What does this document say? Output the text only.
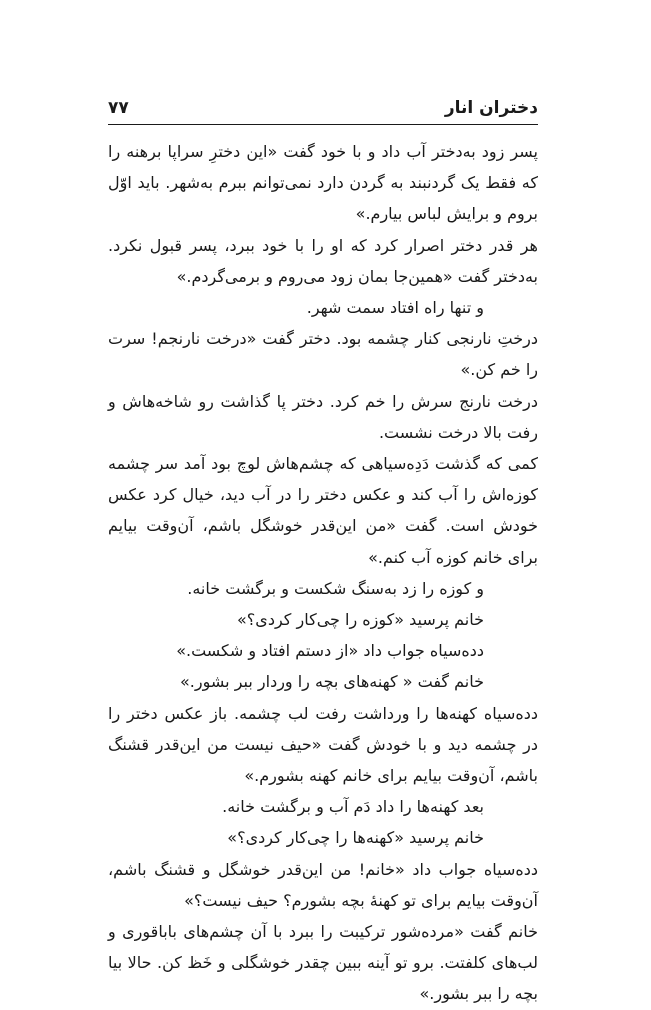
دختران انار
۷۷

پسر زود به‌دختر آب داد و با خود گفت «این دخترِ سراپا برهنه را که فقط یک گردنبند به گردن دارد نمی‌توانم ببرم به‌شهر. باید اوّل بروم و برایش لباس بیارم.»

هر قدر دختر اصرار کرد که او را با خود ببرد، پسر قبول نکرد. به‌دختر گفت «همین‌جا بمان زود می‌روم و برمی‌گردم.»

و تنها راه افتاد سمت شهر.

درختِ نارنجی کنار چشمه بود. دختر گفت «درخت نارنجم! سرت را خم کن.»

درخت نارنج سرش را خم کرد. دختر پا گذاشت رو شاخه‌هاش و رفت بالا درخت نشست.

کمی که گذشت دَدِه‌سیاهی که چشم‌هاش لوچ بود آمد سر چشمه کوزه‌اش را آب کند و عکس دختر را در آب دید، خیال کرد عکس خودش است. گفت «من این‌قدر خوشگل باشم، آن‌وقت بیایم برای خانم کوزه آب کنم.»

و کوزه را زد به‌سنگ شکست و برگشت خانه.

خانم پرسید «کوزه را چی‌کار کردی؟»

دده‌سیاه جواب داد «از دستم افتاد و شکست.»

خانم گفت « کهنه‌های بچه را وردار ببر بشور.»

دده‌سیاه کهنه‌ها را ورداشت رفت لب چشمه. باز عکس دختر را در چشمه دید و با خودش گفت «حیف نیست من این‌قدر قشنگ باشم، آن‌وقت بیایم برای خانم کهنه بشورم.»

بعد کهنه‌ها را داد دَم آب و برگشت خانه.

خانم پرسید «کهنه‌ها را چی‌کار کردی؟»

دده‌سیاه جواب داد «خانم! من این‌قدر خوشگل و قشنگ باشم، آن‌وقت بیایم برای تو کهنهٔ بچه بشورم؟ حیف نیست؟»

خانم گفت «مرده‌شور ترکیبت را ببرد با آن چشم‌های باباقوری و لب‌های کلفتت. برو تو آینه ببین چقدر خوشگلی و خَظ کن. حالا بیا بچه را ببر بشور.»
